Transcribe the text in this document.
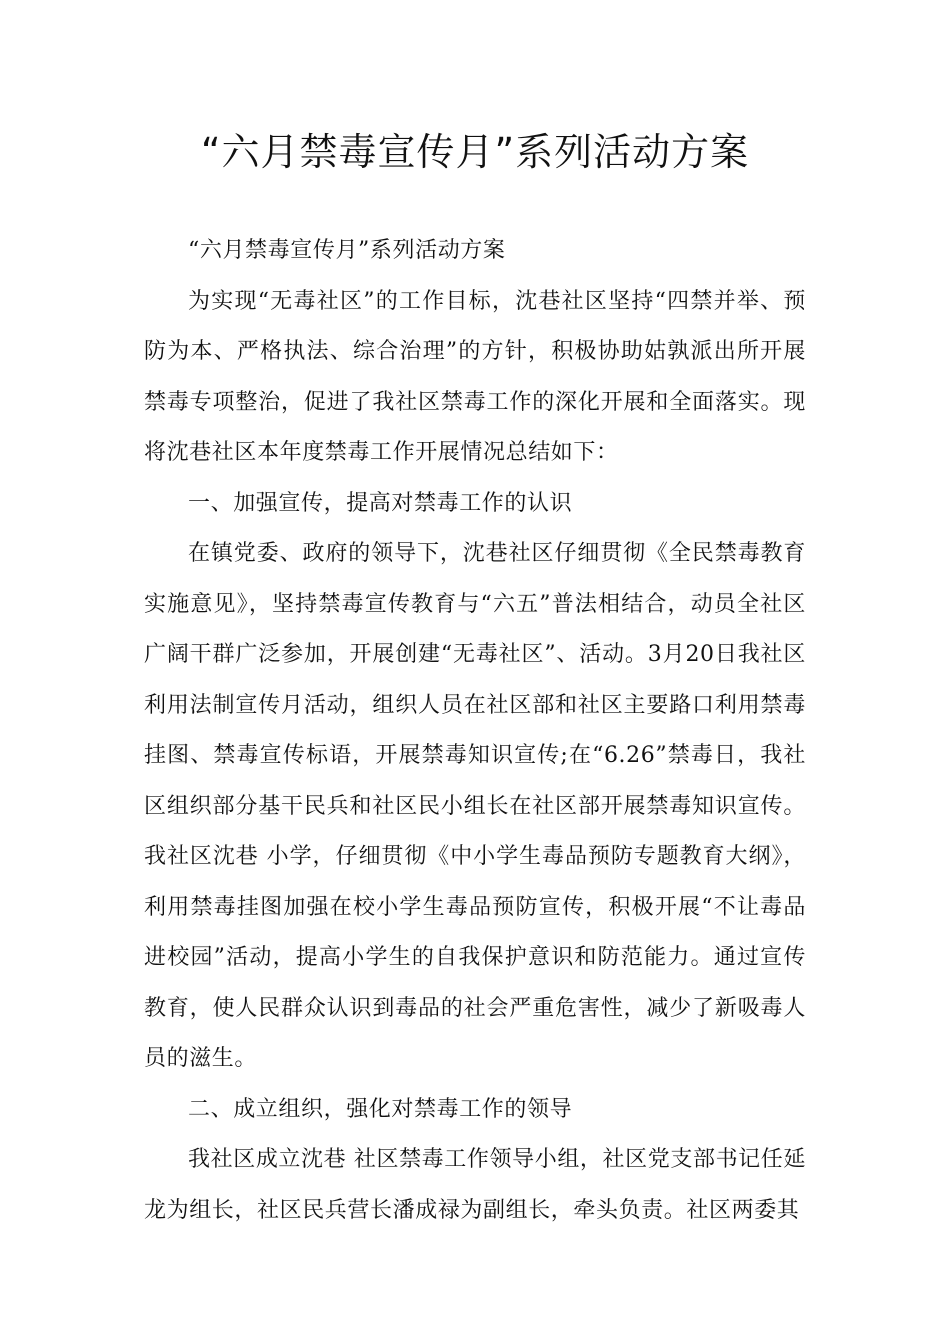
“六月禁毒宣传月”系列活动方案

“六月禁毒宣传月”系列活动方案

为实现“无毒社区”的工作目标，沈巷社区坚持“四禁并举、预防为本、严格执法、综合治理”的方针，积极协助姑孰派出所开展禁毒专项整治，促进了我社区禁毒工作的深化开展和全面落实。现将沈巷社区本年度禁毒工作开展情况总结如下：

一、加强宣传，提高对禁毒工作的认识

在镇党委、政府的领导下，沈巷社区仔细贯彻《全民禁毒教育实施意见》，坚持禁毒宣传教育与“六五”普法相结合，动员全社区广阔干群广泛参加，开展创建“无毒社区”、活动。3月20日我社区利用法制宣传月活动，组织人员在社区部和社区主要路口利用禁毒挂图、禁毒宣传标语，开展禁毒知识宣传;在“6.26”禁毒日，我社区组织部分基干民兵和社区民小组长在社区部开展禁毒知识宣传。我社区沈巷 小学，仔细贯彻《中小学生毒品预防专题教育大纲》，利用禁毒挂图加强在校小学生毒品预防宣传，积极开展“不让毒品进校园”活动，提高小学生的自我保护意识和防范能力。通过宣传教育，使人民群众认识到毒品的社会严重危害性，减少了新吸毒人员的滋生。

二、成立组织，强化对禁毒工作的领导

我社区成立沈巷 社区禁毒工作领导小组，社区党支部书记任延龙为组长，社区民兵营长潘成禄为副组长，牵头负责。社区两委其
